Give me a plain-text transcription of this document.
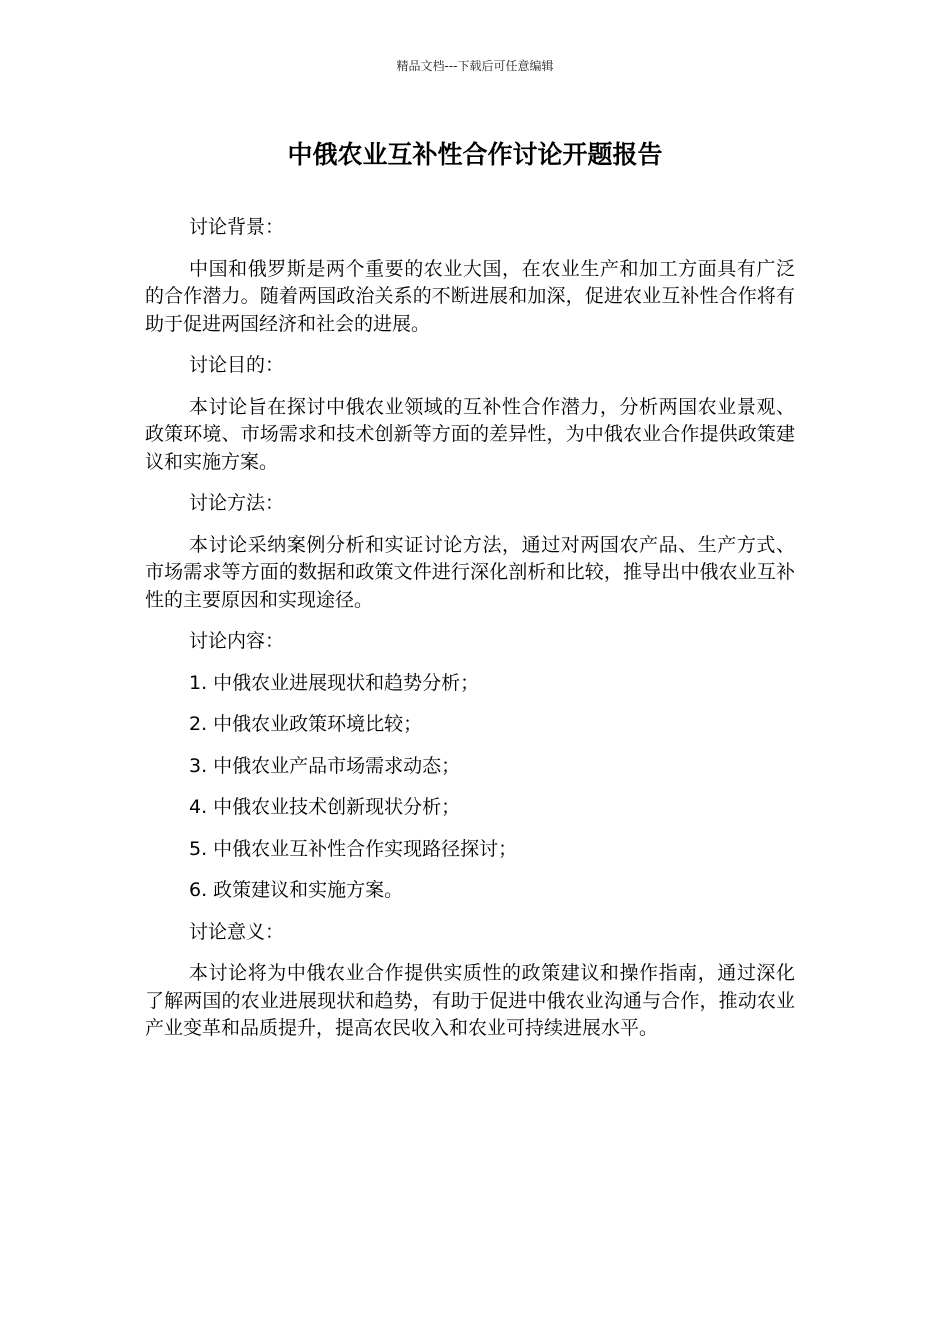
精品文档---下载后可任意编辑
中俄农业互补性合作讨论开题报告

讨论背景：

中国和俄罗斯是两个重要的农业大国，在农业生产和加工方面具有广泛的合作潜力。随着两国政治关系的不断进展和加深，促进农业互补性合作将有助于促进两国经济和社会的进展。

讨论目的：

本讨论旨在探讨中俄农业领域的互补性合作潜力，分析两国农业景观、政策环境、市场需求和技术创新等方面的差异性，为中俄农业合作提供政策建议和实施方案。

讨论方法：

本讨论采纳案例分析和实证讨论方法，通过对两国农产品、生产方式、市场需求等方面的数据和政策文件进行深化剖析和比较，推导出中俄农业互补性的主要原因和实现途径。

讨论内容：

1. 中俄农业进展现状和趋势分析；

2. 中俄农业政策环境比较；

3. 中俄农业产品市场需求动态；

4. 中俄农业技术创新现状分析；

5. 中俄农业互补性合作实现路径探讨；

6. 政策建议和实施方案。

讨论意义：

本讨论将为中俄农业合作提供实质性的政策建议和操作指南，通过深化了解两国的农业进展现状和趋势，有助于促进中俄农业沟通与合作，推动农业产业变革和品质提升，提高农民收入和农业可持续进展水平。
